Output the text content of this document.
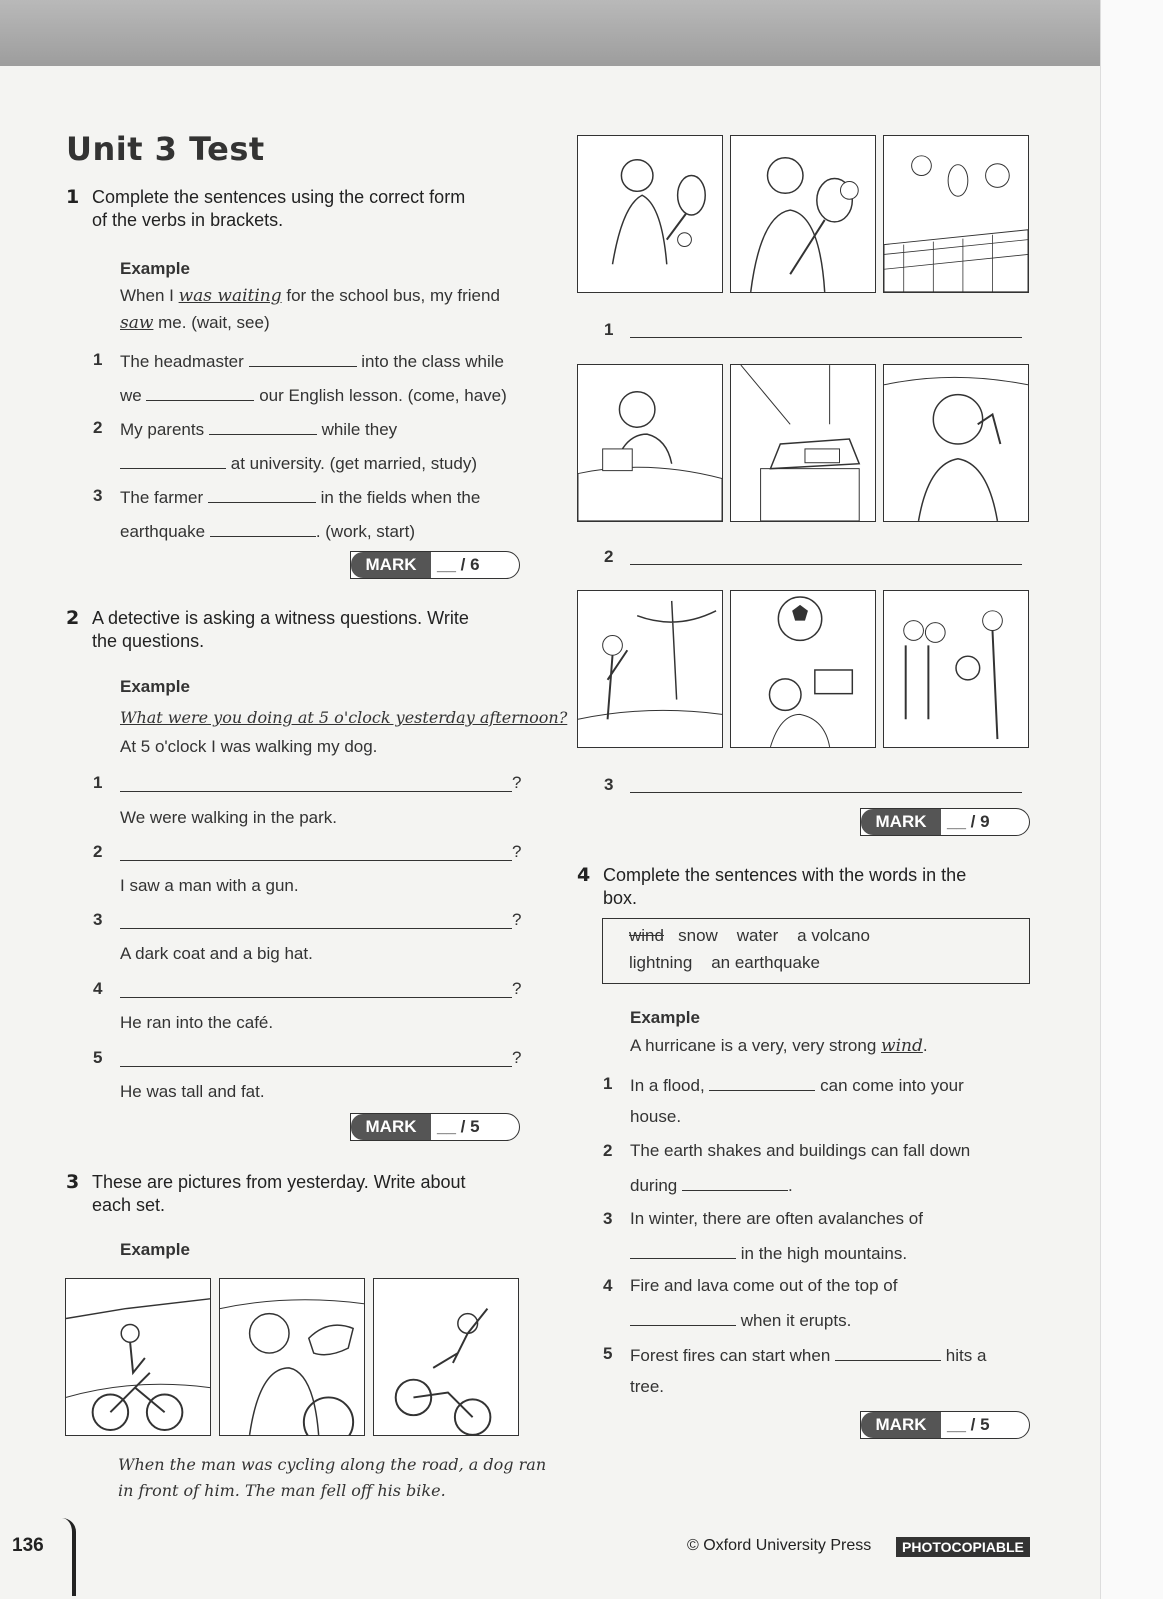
Unit 3 Test
1 Complete the sentences using the correct form
of the verbs in brackets.
Example
When I was waiting for the school bus, my friend
saw me. (wait, see)
1 The headmaster	into the class while
we	our English lesson. (come, have)
2 My parents	while they
at university. (get married, study)
3 The farmer	in the fields when the
earthquake	. (work, start)
MARK	__ / 6
2 A detective is asking a witness questions. Write
the questions.
Example
What were you doing at 5 o'clock yesterday afternoon?
At 5 o'clock I was walking my dog.
1	?
We were walking in the park.
2	?
I saw a man with a gun.
3	?
A dark coat and a big hat.
4	?
He ran into the café.
5	?
He was tall and fat.
MARK	__ / 5
3 These are pictures from yesterday. Write about
each set.
Example
When the man was cycling along the road, a dog ran
in front of him. The man fell off his bike.
1
2
3
MARK	__ / 9
4 Complete the sentences with the words in the
box.
wind   snow    water    a volcano
lightning    an earthquake
Example
A hurricane is a very, very strong wind.
1 In a flood,	can come into your
house.
2 The earth shakes and buildings can fall down
during	.
3 In winter, there are often avalanches of
in the high mountains.
4 Fire and lava come out of the top of
when it erupts.
5 Forest fires can start when	hits a
tree.
MARK	__ / 5
136	© Oxford University Press	PHOTOCOPIABLE
